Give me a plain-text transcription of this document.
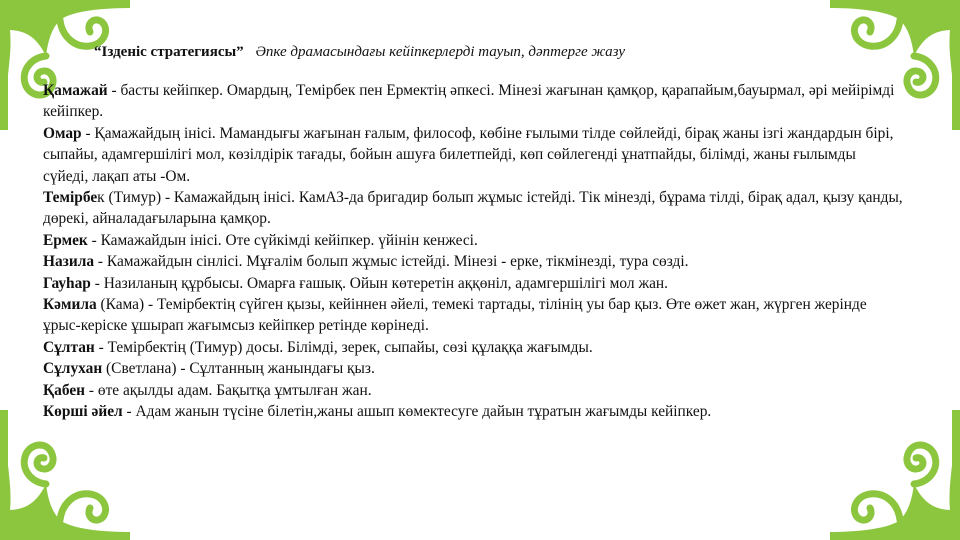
“Ізденіс стратегиясы” Әпке драмасындағы кейіпкерлерді тауып, дәптерге жазу

Қамажай - басты кейіпкер. Омардың, Темірбек пен Ермектің әпкесі. Мінезі жағынан қамқор, қарапайым,бауырмал, әрі мейірімді кейіпкер.

Омар - Қамажайдың інісі. Мамандығы жағынан ғалым, философ, көбіне ғылыми тілде сөйлейді, бірақ жаны ізгі жандардын бірі, сыпайы, адамгершілігі мол, көзілдірік тағады, бойын ашуға билетпейді, көп сөйлегенді ұнатпайды, білімді, жаны ғылымды сүйеді, лақап аты -Ом.

Темірбек (Тимур) - Камажайдың інісі. КамАЗ-да бригадир болып жұмыс істейді. Тік мінезді, бұрама тілді, бірақ адал, қызу қанды, дөрекі, айналадағыларына қамқор.

Ермек - Камажайдын інісі. Оте сүйкімді кейіпкер. үйінін кенжесі.

Назила - Камажайдын сінлісі. Мұғалім болып жұмыс істейді. Мінезі - ерке, тікмінезді, тура сөзді.

Гауһар - Назиланың құрбысы. Омарға ғашық. Ойын көтеретін аққөніл, адамгершілігі мол жан.

Кәмила (Кама) - Темірбектің сүйген қызы, кейіннен әйелі, темекі тартады, тілінің уы бар қыз. Өте өжет жан, жүрген жерінде ұрыс-керіске ұшырап жағымсыз кейіпкер ретінде көрінеді.

Сұлтан - Темірбектің (Тимур) досы. Білімді, зерек, сыпайы, сөзі құлаққа жағымды.

Сұлухан (Светлана) - Сұлтанның жанындағы қыз.

Қабен - өте ақылды адам. Бақытқа ұмтылған жан.

Көрші әйел - Адам жанын түсіне білетін,жаны ашып көмектесуге дайын тұратын жағымды кейіпкер.
